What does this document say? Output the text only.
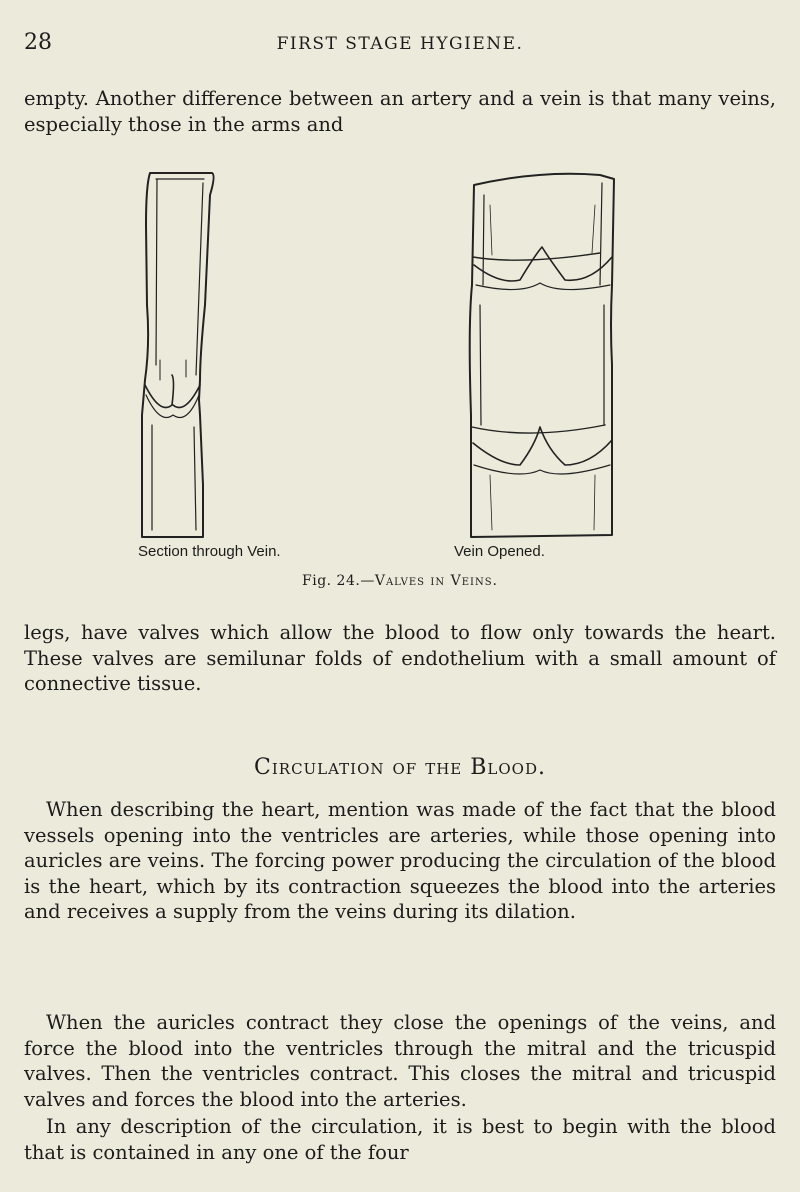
28	FIRST STAGE HYGIENE.

empty. Another difference between an artery and a vein is that many veins, especially those in the arms and

Section through Vein.	Vein Opened.
Fig. 24.—Valves in Veins.

legs, have valves which allow the blood to flow only towards the heart. These valves are semilunar folds of endothelium with a small amount of connective tissue.

Circulation of the Blood.

When describing the heart, mention was made of the fact that the blood vessels opening into the ventricles are arteries, while those opening into auricles are veins. The forcing power producing the circulation of the blood is the heart, which by its contraction squeezes the blood into the arteries and receives a supply from the veins during its dilation.

When the auricles contract they close the openings of the veins, and force the blood into the ventricles through the mitral and the tricuspid valves. Then the ventricles contract. This closes the mitral and tricuspid valves and forces the blood into the arteries.

In any description of the circulation, it is best to begin with the blood that is contained in any one of the four
